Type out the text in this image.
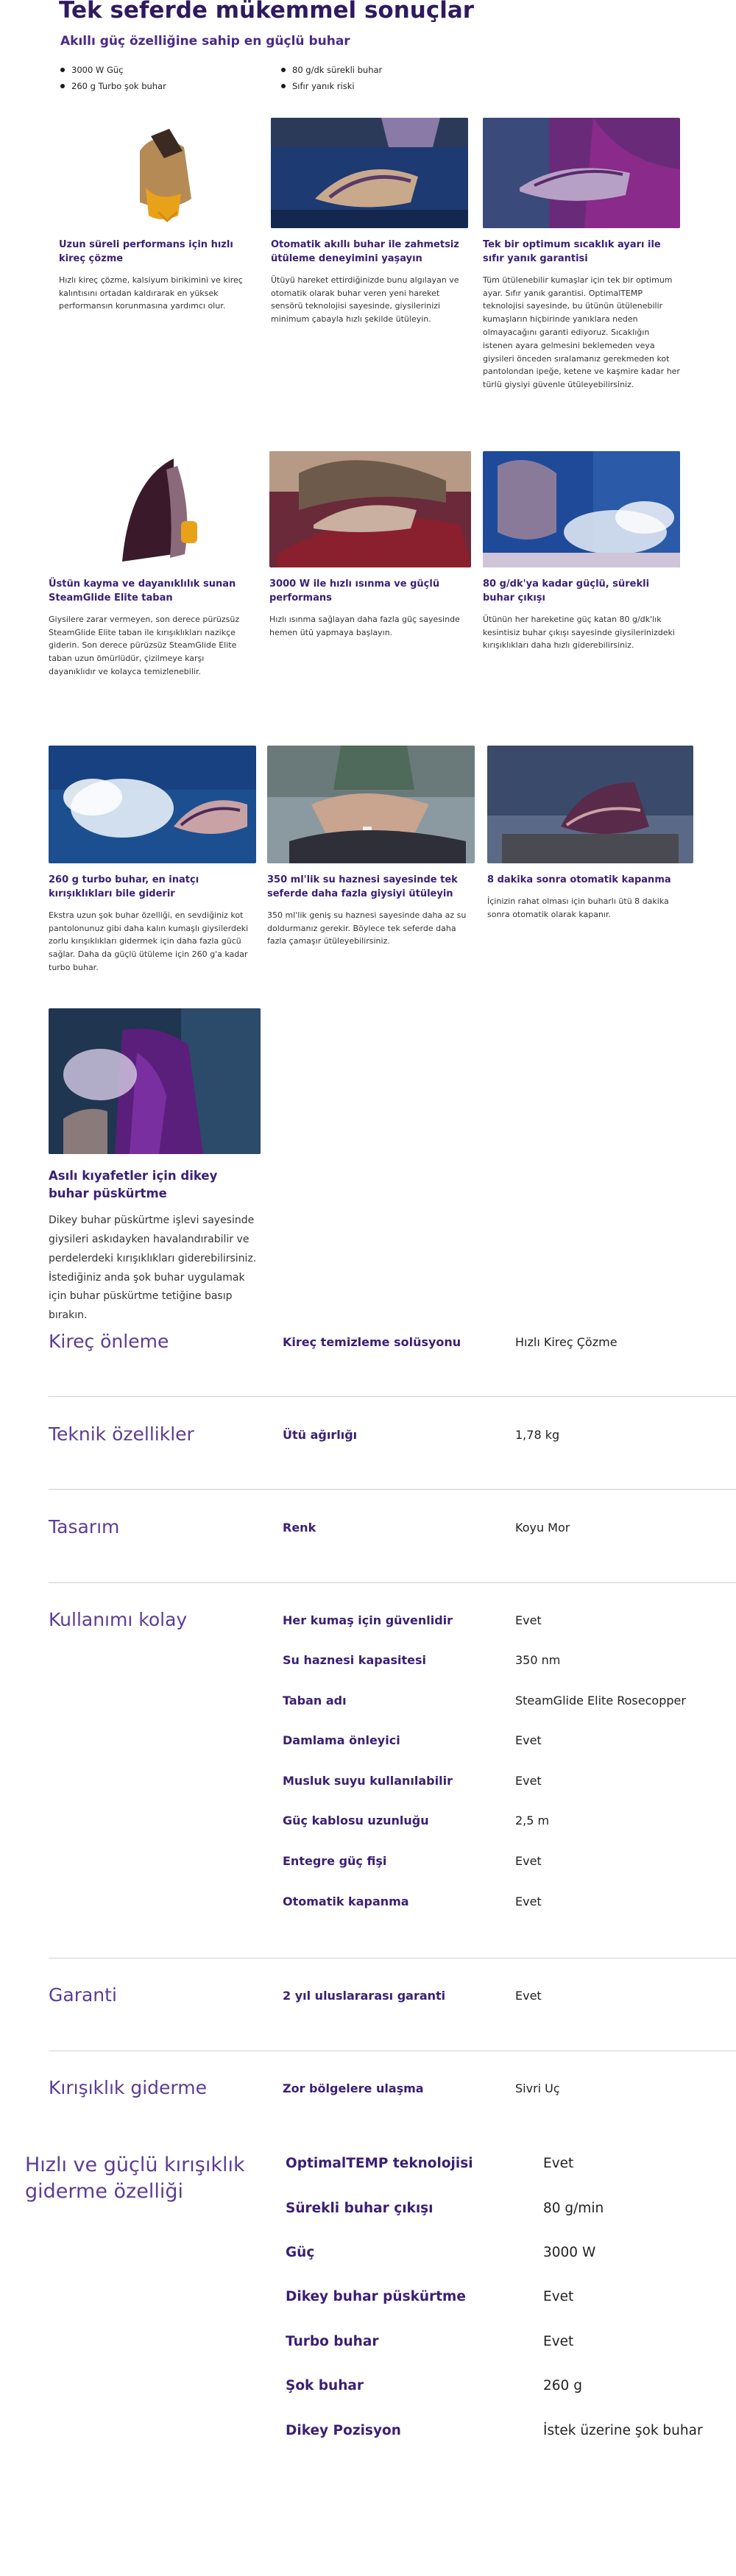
Tek seferde mükemmel sonuçlar
Akıllı güç özelliğine sahip en güçlü buhar
3000 W Güç	80 g/dk sürekli buhar
260 g Turbo şok buhar	Sıfır yanık riski
Uzun süreli performans için hızlı kireç çözme
Hızlı kireç çözme, kalsiyum birikimini ve kireç kalıntısını ortadan kaldırarak en yüksek performansın korunmasına yardımcı olur.
Otomatik akıllı buhar ile zahmetsiz ütüleme deneyimini yaşayın
Ütüyü hareket ettirdiğinizde bunu algılayan ve otomatik olarak buhar veren yeni hareket sensörü teknolojisi sayesinde, giysilerinizi minimum çabayla hızlı şekilde ütüleyin.
Tek bir optimum sıcaklık ayarı ile sıfır yanık garantisi
Tüm ütülenebilir kumaşlar için tek bir optimum ayar. Sıfır yanık garantisi. OptimalTEMP teknolojisi sayesinde, bu ütünün ütülenebilir kumaşların hiçbirinde yanıklara neden olmayacağını garanti ediyoruz. Sıcaklığın istenen ayara gelmesini beklemeden veya giysileri önceden sıralamanız gerekmeden kot pantolondan ipeğe, ketene ve kaşmire kadar her türlü giysiyi güvenle ütüleyebilirsiniz.
Üstün kayma ve dayanıklılık sunan SteamGlide Elite taban
Giysilere zarar vermeyen, son derece pürüzsüz SteamGlide Elite taban ile kırışıklıkları nazikçe giderin. Son derece pürüzsüz SteamGlide Elite taban uzun ömürlüdür, çizilmeye karşı dayanıklıdır ve kolayca temizlenebilir.
3000 W ile hızlı ısınma ve güçlü performans
Hızlı ısınma sağlayan daha fazla güç sayesinde hemen ütü yapmaya başlayın.
80 g/dk'ya kadar güçlü, sürekli buhar çıkışı
Ütünün her hareketine güç katan 80 g/dk'lık kesintisiz buhar çıkışı sayesinde giysilerinizdeki kırışıklıkları daha hızlı giderebilirsiniz.
260 g turbo buhar, en inatçı kırışıklıkları bile giderir
Ekstra uzun şok buhar özelliği, en sevdiğiniz kot pantolonunuz gibi daha kalın kumaşlı giysilerdeki zorlu kırışıklıkları gidermek için daha fazla gücü sağlar. Daha da güçlü ütüleme için 260 g'a kadar turbo buhar.
350 ml'lik su haznesi sayesinde tek seferde daha fazla giysiyi ütüleyin
350 ml'lik geniş su haznesi sayesinde daha az su doldurmanız gerekir. Böylece tek seferde daha fazla çamaşır ütüleyebilirsiniz.
8 dakika sonra otomatik kapanma
İçinizin rahat olması için buharlı ütü 8 dakika sonra otomatik olarak kapanır.
Asılı kıyafetler için dikey buhar püskürtme
Dikey buhar püskürtme işlevi sayesinde giysileri askıdayken havalandırabilir ve perdelerdeki kırışıklıkları giderebilirsiniz. İstediğiniz anda şok buhar uygulamak için buhar püskürtme tetiğine basıp bırakın.
Kireç önleme	Kireç temizleme solüsyonu	Hızlı Kireç Çözme
Teknik özellikler	Ütü ağırlığı	1,78 kg
Tasarım	Renk	Koyu Mor
Kullanımı kolay	Her kumaş için güvenlidir	Evet
Su haznesi kapasitesi	350 nm
Taban adı	SteamGlide Elite Rosecopper
Damlama önleyici	Evet
Musluk suyu kullanılabilir	Evet
Güç kablosu uzunluğu	2,5 m
Entegre güç fişi	Evet
Otomatik kapanma	Evet
Garanti	2 yıl uluslararası garanti	Evet
Kırışıklık giderme	Zor bölgelere ulaşma	Sivri Uç
Hızlı ve güçlü kırışıklık giderme özelliği
OptimalTEMP teknolojisi	Evet
Sürekli buhar çıkışı	80 g/min
Güç	3000 W
Dikey buhar püskürtme	Evet
Turbo buhar	Evet
Şok buhar	260 g
Dikey Pozisyon	İstek üzerine şok buhar
